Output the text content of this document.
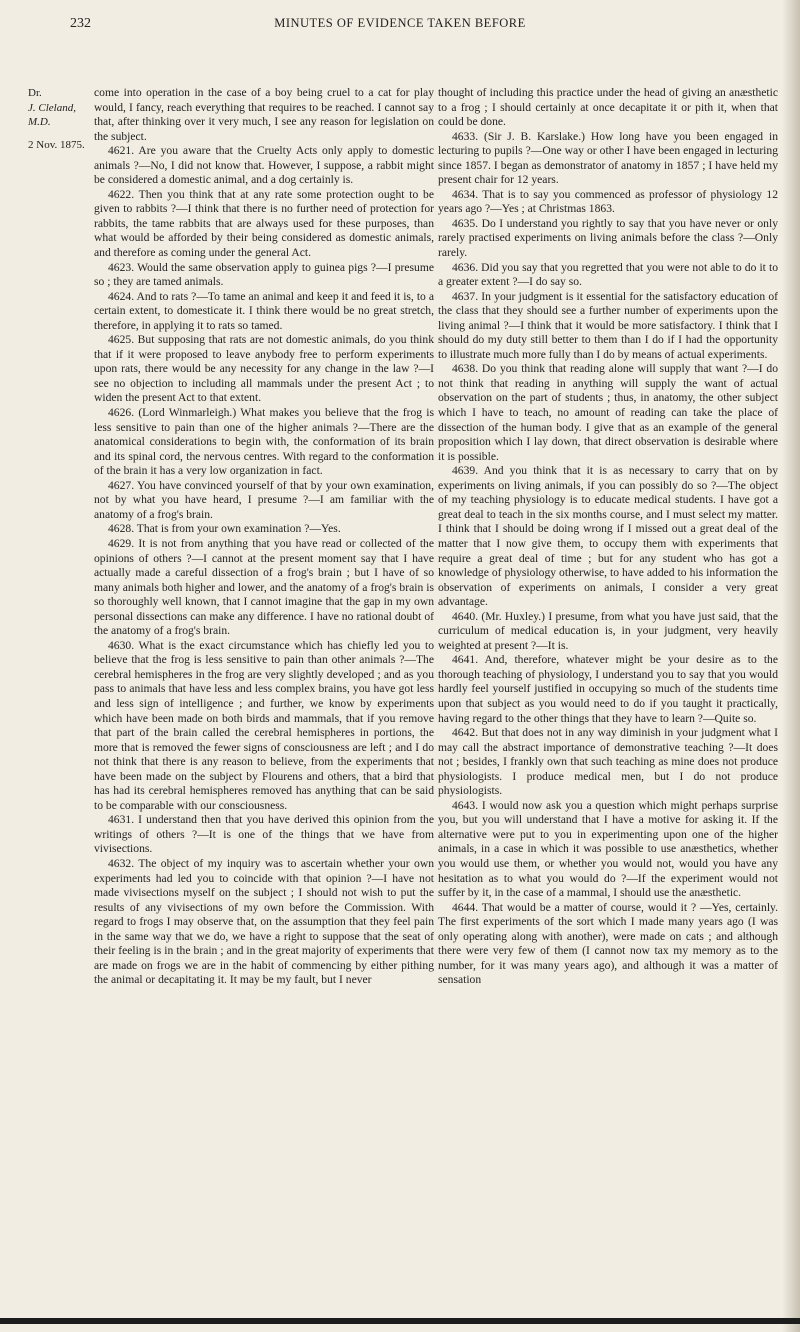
232	MINUTES OF EVIDENCE TAKEN BEFORE
Dr.
J. Cleland,
M.D.
2 Nov. 1875.

come into operation in the case of a boy being cruel to a cat for play would, I fancy, reach everything that requires to be reached. I cannot say that, after thinking over it very much, I see any reason for legislation on the subject.

4621. Are you aware that the Cruelty Acts only apply to domestic animals ?—No, I did not know that. However, I suppose, a rabbit might be considered a domestic animal, and a dog certainly is.

4622. Then you think that at any rate some protection ought to be given to rabbits ?—I think that there is no further need of protection for rabbits, the tame rabbits that are always used for these purposes, than what would be afforded by their being considered as domestic animals, and therefore as coming under the general Act.

4623. Would the same observation apply to guinea pigs ?—I presume so ; they are tamed animals.

4624. And to rats ?—To tame an animal and keep it and feed it is, to a certain extent, to domesticate it. I think there would be no great stretch, therefore, in applying it to rats so tamed.

4625. But supposing that rats are not domestic animals, do you think that if it were proposed to leave anybody free to perform experiments upon rats, there would be any necessity for any change in the law ?—I see no objection to including all mammals under the present Act ; to widen the present Act to that extent.

4626. (Lord Winmarleigh.) What makes you believe that the frog is less sensitive to pain than one of the higher animals ?—There are the anatomical considerations to begin with, the conformation of its brain and its spinal cord, the nervous centres. With regard to the conformation of the brain it has a very low organization in fact.

4627. You have convinced yourself of that by your own examination, not by what you have heard, I presume ?—I am familiar with the anatomy of a frog's brain.

4628. That is from your own examination ?—Yes.

4629. It is not from anything that you have read or collected of the opinions of others ?—I cannot at the present moment say that I have actually made a careful dissection of a frog's brain ; but I have of so many animals both higher and lower, and the anatomy of a frog's brain is so thoroughly well known, that I cannot imagine that the gap in my own personal dissections can make any difference. I have no rational doubt of the anatomy of a frog's brain.

4630. What is the exact circumstance which has chiefly led you to believe that the frog is less sensitive to pain than other animals ?—The cerebral hemispheres in the frog are very slightly developed ; and as you pass to animals that have less and less complex brains, you have got less and less sign of intelligence ; and further, we know by experiments which have been made on both birds and mammals, that if you remove that part of the brain called the cerebral hemispheres in portions, the more that is removed the fewer signs of consciousness are left ; and I do not think that there is any reason to believe, from the experiments that have been made on the subject by Flourens and others, that a bird that has had its cerebral hemispheres removed has anything that can be said to be comparable with our consciousness.

4631. I understand then that you have derived this opinion from the writings of others ?—It is one of the things that we have from vivisections.

4632. The object of my inquiry was to ascertain whether your own experiments had led you to coincide with that opinion ?—I have not made vivisections myself on the subject ; I should not wish to put the results of any vivisections of my own before the Commission. With regard to frogs I may observe that, on the assumption that they feel pain in the same way that we do, we have a right to suppose that the seat of their feeling is in the brain ; and in the great majority of experiments that are made on frogs we are in the habit of commencing by either pithing the animal or decapitating it. It may be my fault, but I never

thought of including this practice under the head of giving an anæsthetic to a frog ; I should certainly at once decapitate it or pith it, when that could be done.

4633. (Sir J. B. Karslake.) How long have you been engaged in lecturing to pupils ?—One way or other I have been engaged in lecturing since 1857. I began as demonstrator of anatomy in 1857 ; I have held my present chair for 12 years.

4634. That is to say you commenced as professor of physiology 12 years ago ?—Yes ; at Christmas 1863.

4635. Do I understand you rightly to say that you have never or only rarely practised experiments on living animals before the class ?—Only rarely.

4636. Did you say that you regretted that you were not able to do it to a greater extent ?—I do say so.

4637. In your judgment is it essential for the satisfactory education of the class that they should see a further number of experiments upon the living animal ?—I think that it would be more satisfactory. I think that I should do my duty still better to them than I do if I had the opportunity to illustrate much more fully than I do by means of actual experiments.

4638. Do you think that reading alone will supply that want ?—I do not think that reading in anything will supply the want of actual observation on the part of students ; thus, in anatomy, the other subject which I have to teach, no amount of reading can take the place of dissection of the human body. I give that as an example of the general proposition which I lay down, that direct observation is desirable where it is possible.

4639. And you think that it is as necessary to carry that on by experiments on living animals, if you can possibly do so ?—The object of my teaching physiology is to educate medical students. I have got a great deal to teach in the six months course, and I must select my matter. I think that I should be doing wrong if I missed out a great deal of the matter that I now give them, to occupy them with experiments that require a great deal of time ; but for any student who has got a knowledge of physiology otherwise, to have added to his information the observation of experiments on animals, I consider a very great advantage.

4640. (Mr. Huxley.) I presume, from what you have just said, that the curriculum of medical education is, in your judgment, very heavily weighted at present ?—It is.

4641. And, therefore, whatever might be your desire as to the thorough teaching of physiology, I understand you to say that you would hardly feel yourself justified in occupying so much of the students time upon that subject as you would need to do if you taught it practically, having regard to the other things that they have to learn ?—Quite so.

4642. But that does not in any way diminish in your judgment what I may call the abstract importance of demonstrative teaching ?—It does not ; besides, I frankly own that such teaching as mine does not produce physiologists. I produce medical men, but I do not produce physiologists.

4643. I would now ask you a question which might perhaps surprise you, but you will understand that I have a motive for asking it. If the alternative were put to you in experimenting upon one of the higher animals, in a case in which it was possible to use anæsthetics, whether you would use them, or whether you would not, would you have any hesitation as to what you would do ?—If the experiment would not suffer by it, in the case of a mammal, I should use the anæsthetic.

4644. That would be a matter of course, would it ? —Yes, certainly. The first experiments of the sort which I made many years ago (I was only operating along with another), were made on cats ; and although there were very few of them (I cannot now tax my memory as to the number, for it was many years ago), and although it was a matter of sensation
